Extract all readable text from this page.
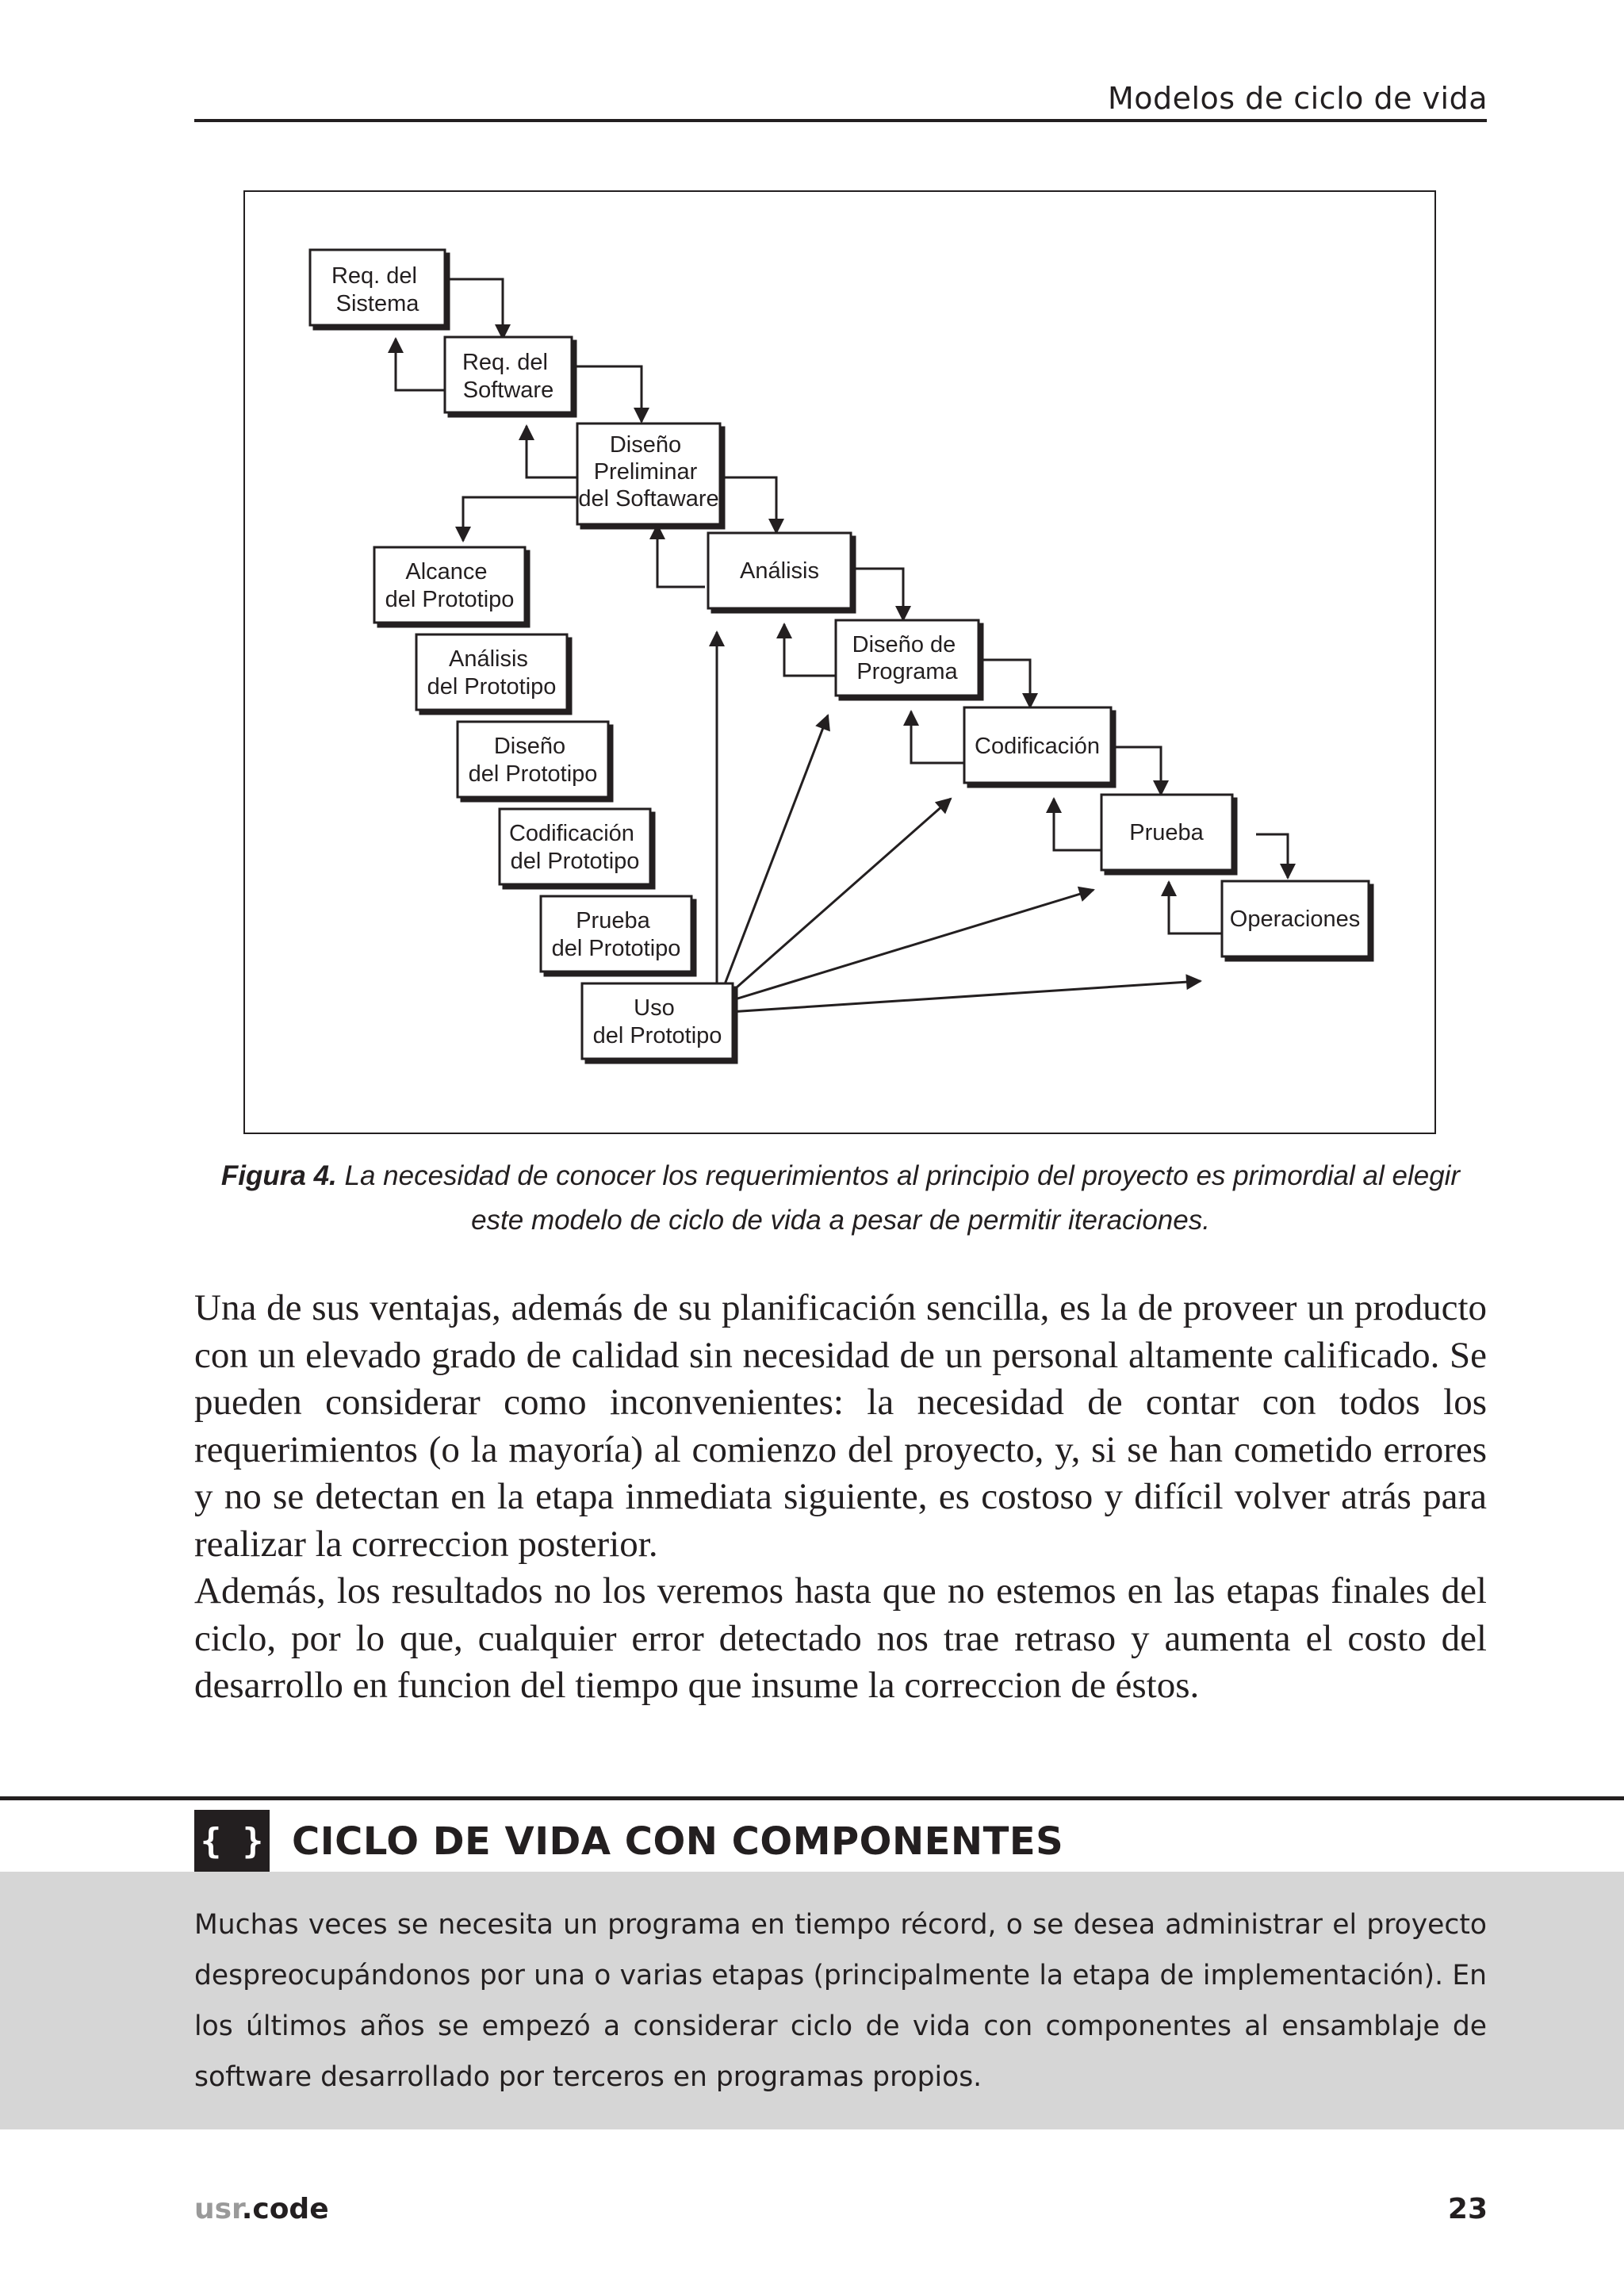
Modelos de ciclo de vida
Req. del Sistema
Req. del Software
Diseño Preliminar del Softaware
Análisis
Diseño de Programa
Codificación
Prueba
Operaciones
Alcance del Prototipo
Análisis del Prototipo
Diseño del Prototipo
Codificación del Prototipo
Prueba del Prototipo
Uso del Prototipo
Figura 4. La necesidad de conocer los requerimientos al principio del proyecto es primordial al elegir este modelo de ciclo de vida a pesar de permitir iteraciones.

Una de sus ventajas, además de su planificación sencilla, es la de proveer un producto con un elevado grado de calidad sin necesidad de un personal altamente calificado. Se pueden considerar como inconvenientes: la necesidad de contar con todos los requerimientos (o la mayoría) al comienzo del proyecto, y, si se han cometido errores y no se detectan en la etapa inmediata siguiente, es costoso y difícil volver atrás para realizar la correccion posterior.

Además, los resultados no los veremos hasta que no estemos en las etapas finales del ciclo, por lo que, cualquier error detectado nos trae retraso y aumenta el costo del desarrollo en funcion del tiempo que insume la correccion de éstos.

{ } CICLO DE VIDA CON COMPONENTES
Muchas veces se necesita un programa en tiempo récord, o se desea administrar el proyecto despreocupándonos por una o varias etapas (principalmente la etapa de implementación). En los últimos años se empezó a considerar ciclo de vida con componentes al ensamblaje de software desarrollado por terceros en programas propios.
usr.code	23
